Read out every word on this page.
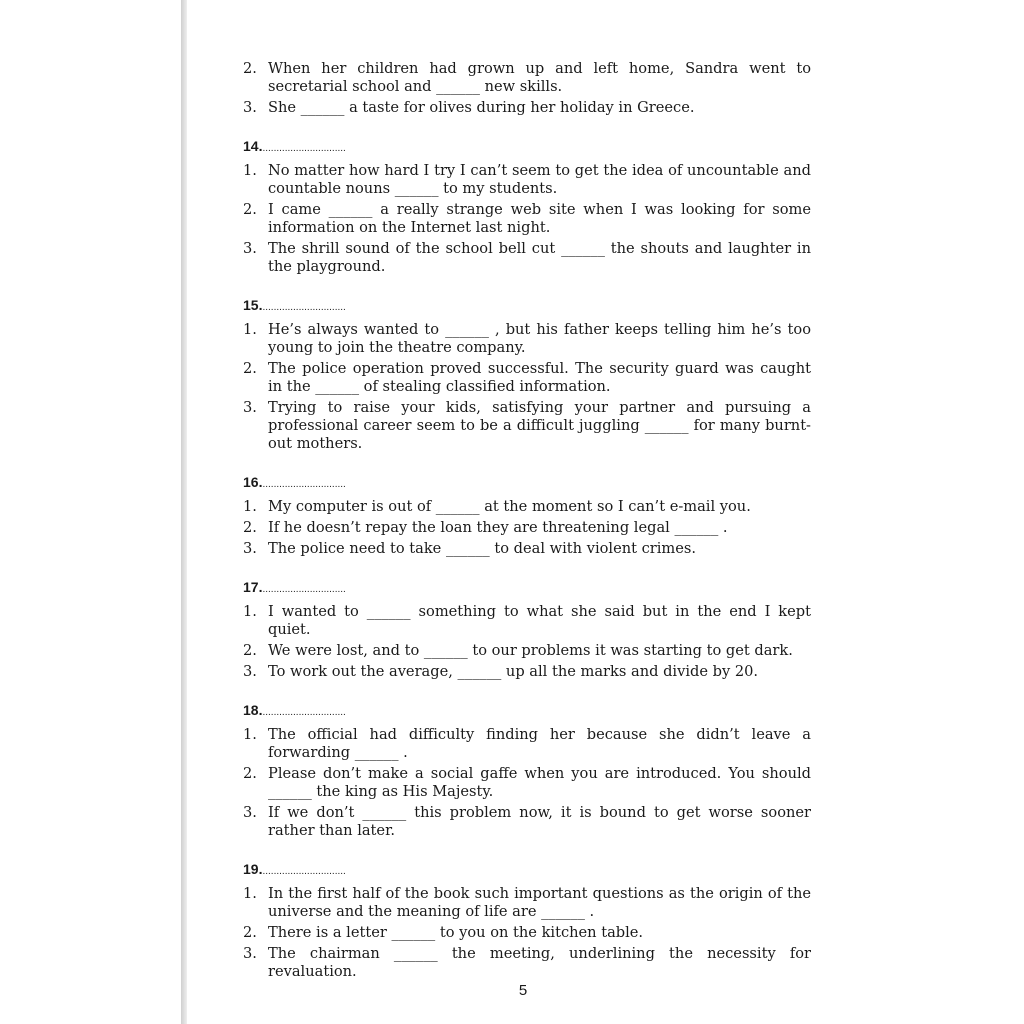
2. When her children had grown up and left home, Sandra went to secretarial school and ______ new skills.
3. She ______ a taste for olives during her holiday in Greece.
14...............................
1. No matter how hard I try I can’t seem to get the idea of uncountable and countable nouns ______ to my students.
2. I came ______ a really strange web site when I was looking for some information on the Internet last night.
3. The shrill sound of the school bell cut ______ the shouts and laughter in the playground.
15...............................
1. He’s always wanted to ______ , but his father keeps telling him he’s too young to join the theatre company.
2. The police operation proved successful. The security guard was caught in the ______ of stealing classified information.
3. Trying to raise your kids, satisfying your partner and pursuing a professional career seem to be a difficult juggling ______ for many burnt-out mothers.
16...............................
1. My computer is out of ______ at the moment so I can’t e-mail you.
2. If he doesn’t repay the loan they are threatening legal ______ .
3. The police need to take ______ to deal with violent crimes.
17...............................
1. I wanted to ______ something to what she said but in the end I kept quiet.
2. We were lost, and to ______ to our problems it was starting to get dark.
3. To work out the average, ______ up all the marks and divide by 20.
18...............................
1. The official had difficulty finding her because she didn’t leave a forwarding ______ .
2. Please don’t make a social gaffe when you are introduced. You should ______ the king as His Majesty.
3. If we don’t ______ this problem now, it is bound to get worse sooner rather than later.
19...............................
1. In the first half of the book such important questions as the origin of the universe and the meaning of life are ______ .
2. There is a letter ______ to you on the kitchen table.
3. The chairman ______ the meeting, underlining the necessity for revaluation.
5
